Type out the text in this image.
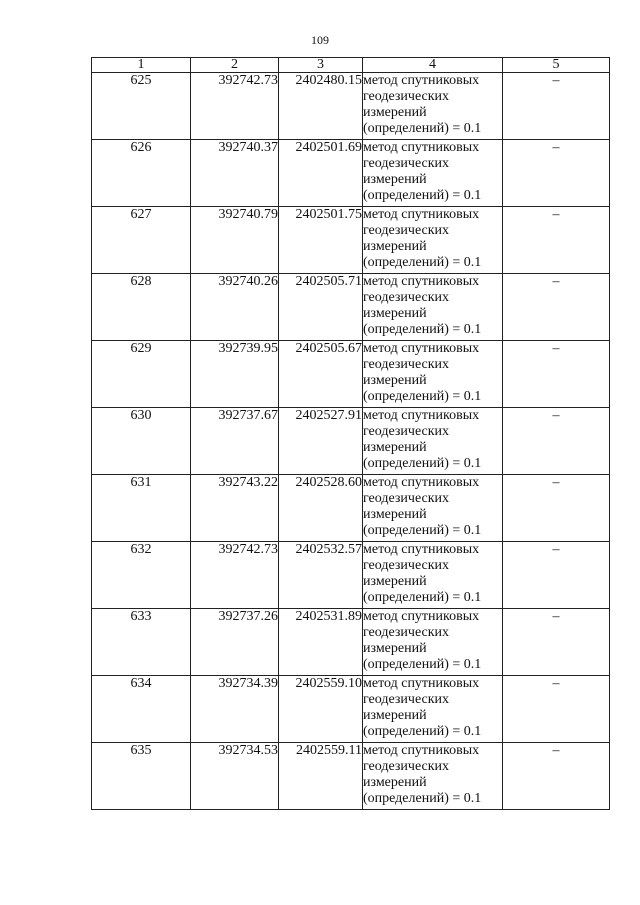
109
1	2	3	4	5
625	392742.73	2402480.15	метод спутниковых
геодезических
измерений
(определений) = 0.1	–
626	392740.37	2402501.69	метод спутниковых
геодезических
измерений
(определений) = 0.1	–
627	392740.79	2402501.75	метод спутниковых
геодезических
измерений
(определений) = 0.1	–
628	392740.26	2402505.71	метод спутниковых
геодезических
измерений
(определений) = 0.1	–
629	392739.95	2402505.67	метод спутниковых
геодезических
измерений
(определений) = 0.1	–
630	392737.67	2402527.91	метод спутниковых
геодезических
измерений
(определений) = 0.1	–
631	392743.22	2402528.60	метод спутниковых
геодезических
измерений
(определений) = 0.1	–
632	392742.73	2402532.57	метод спутниковых
геодезических
измерений
(определений) = 0.1	–
633	392737.26	2402531.89	метод спутниковых
геодезических
измерений
(определений) = 0.1	–
634	392734.39	2402559.10	метод спутниковых
геодезических
измерений
(определений) = 0.1	–
635	392734.53	2402559.11	метод спутниковых
геодезических
измерений
(определений) = 0.1	–
